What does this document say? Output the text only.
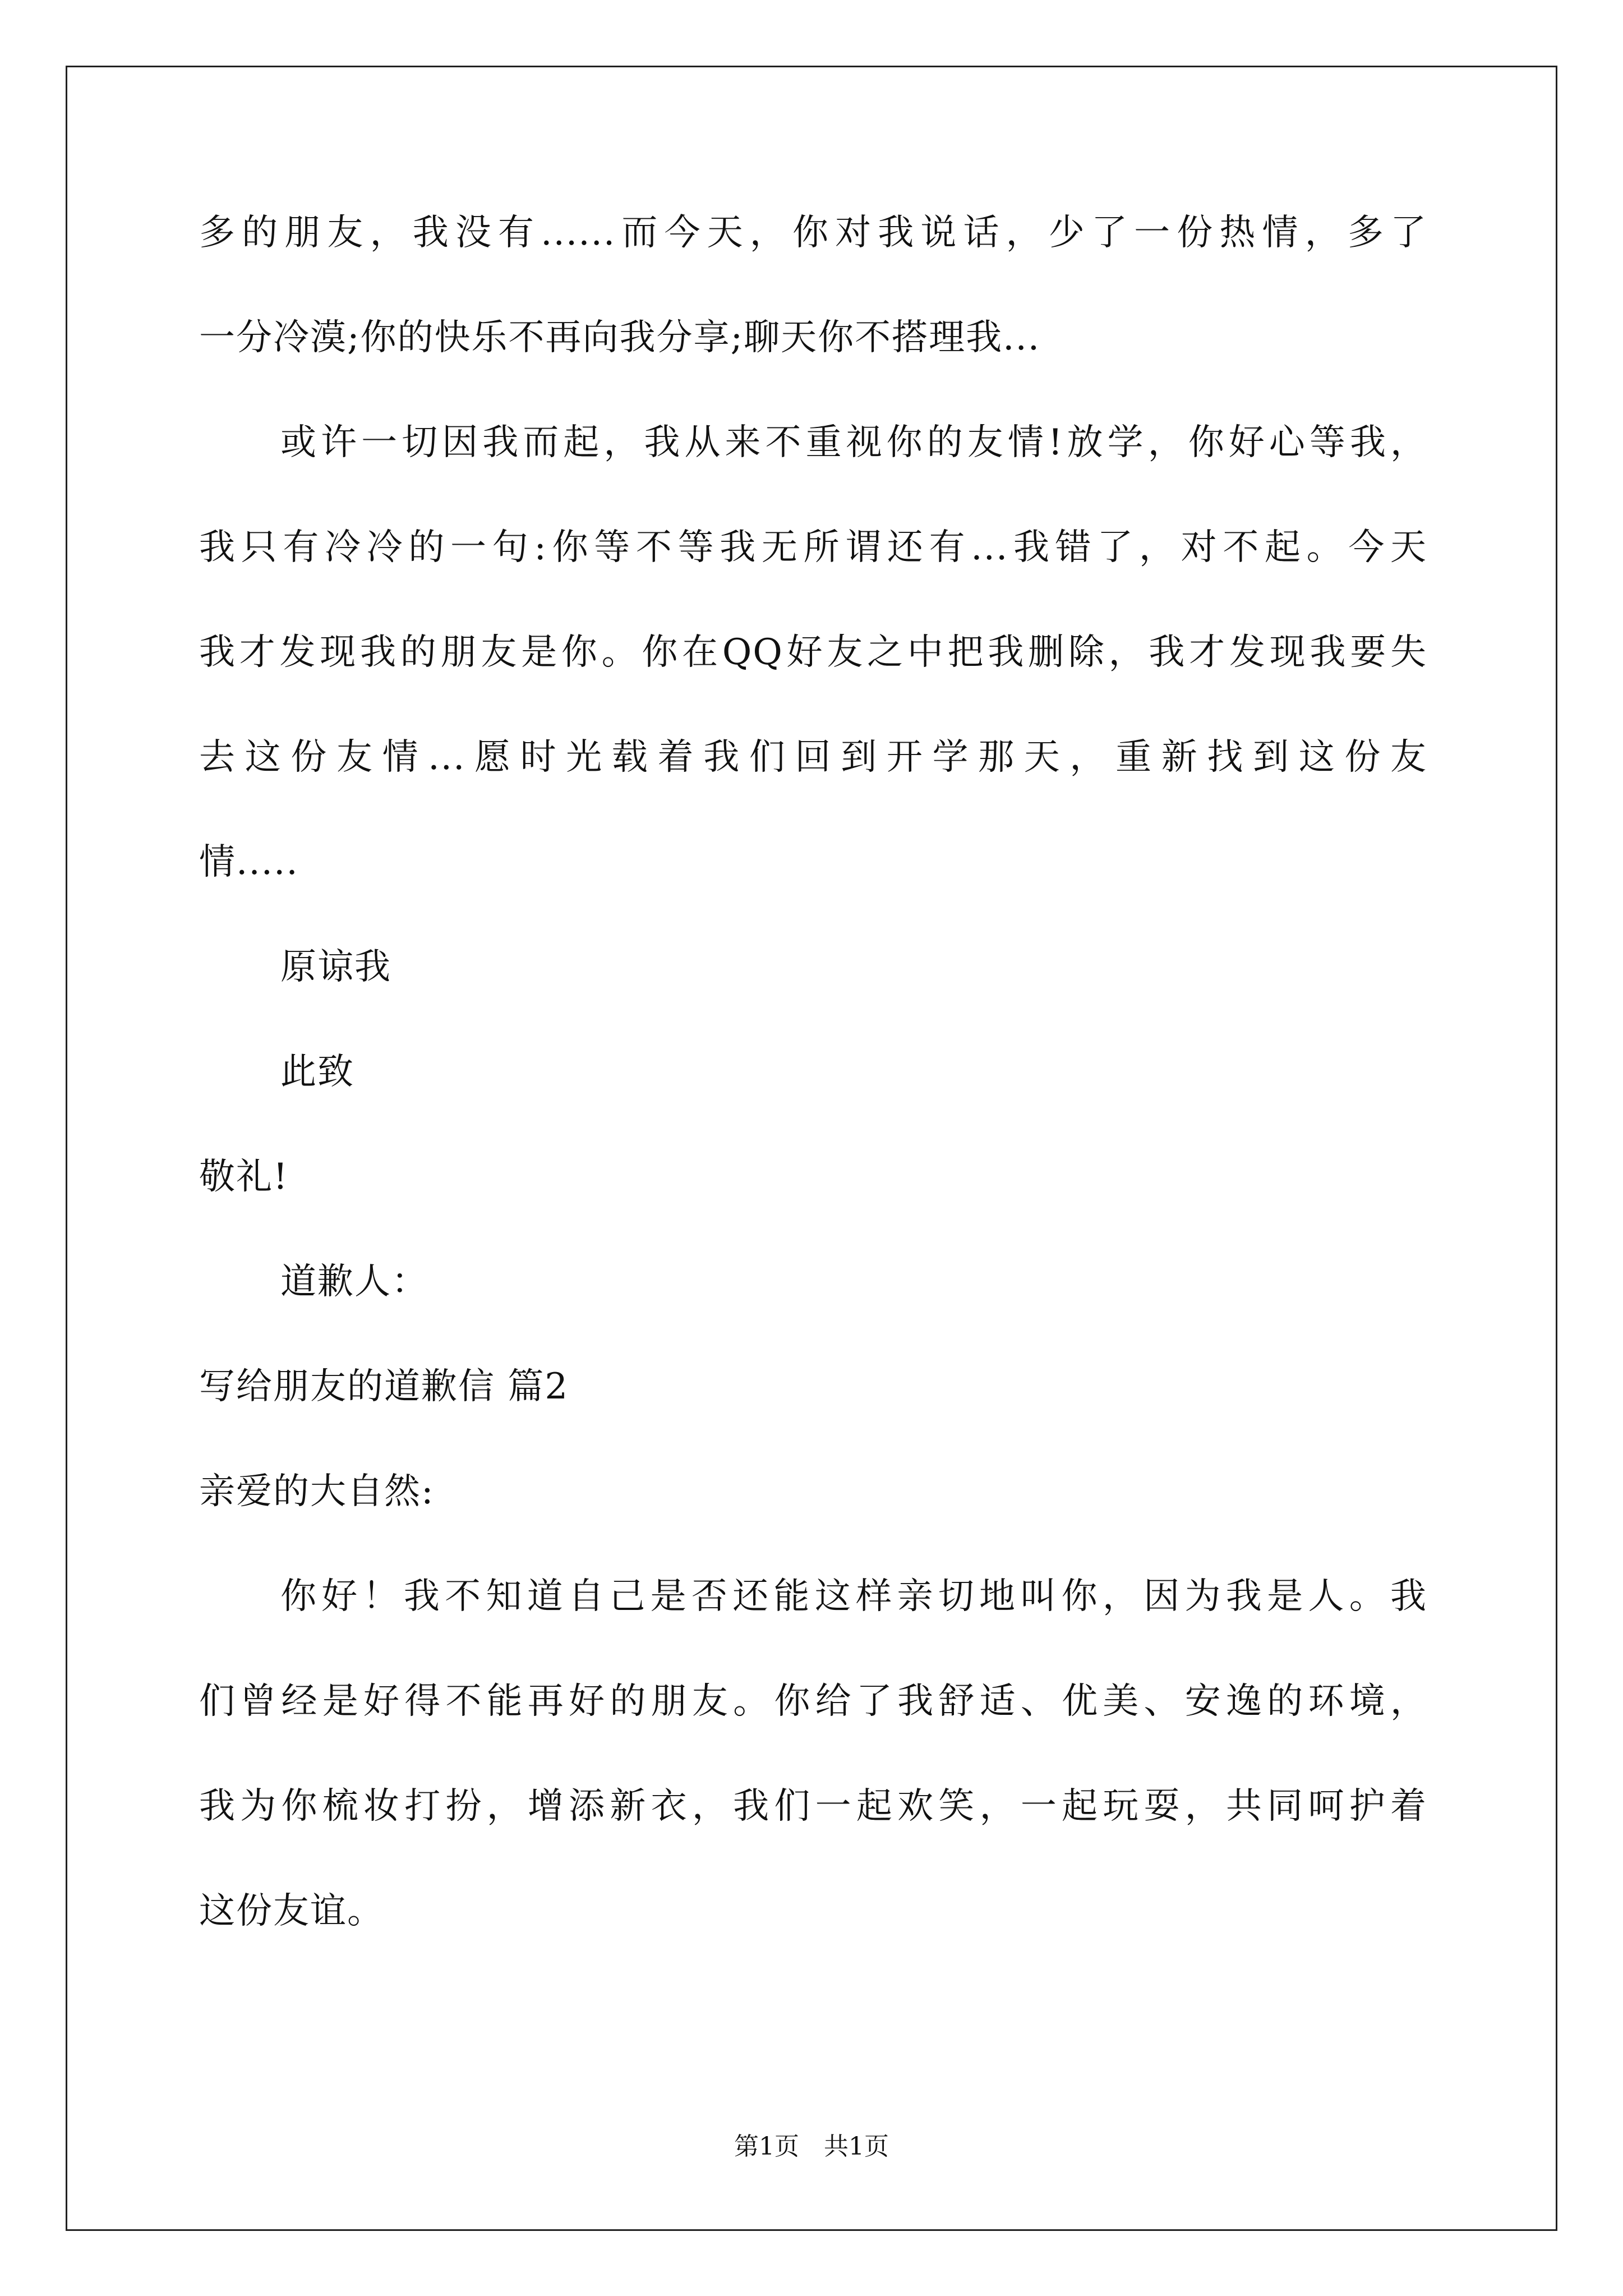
多的朋友，我没有......而今天，你对我说话，少了一份热情，多了
一分冷漠;你的快乐不再向我分享;聊天你不搭理我...
或许一切因我而起，我从来不重视你的友情!放学，你好心等我，
我只有冷冷的一句:你等不等我无所谓还有...我错了，对不起。今天
我才发现我的朋友是你。你在QQ好友之中把我删除，我才发现我要失
去这份友情...愿时光载着我们回到开学那天，重新找到这份友
情.....
原谅我
此致
敬礼!
道歉人：
写给朋友的道歉信 篇2
亲爱的大自然:
你好！我不知道自己是否还能这样亲切地叫你，因为我是人。我
们曾经是好得不能再好的朋友。你给了我舒适、优美、安逸的环境，
我为你梳妆打扮，增添新衣，我们一起欢笑，一起玩耍，共同呵护着
这份友谊。
第1页　共1页
